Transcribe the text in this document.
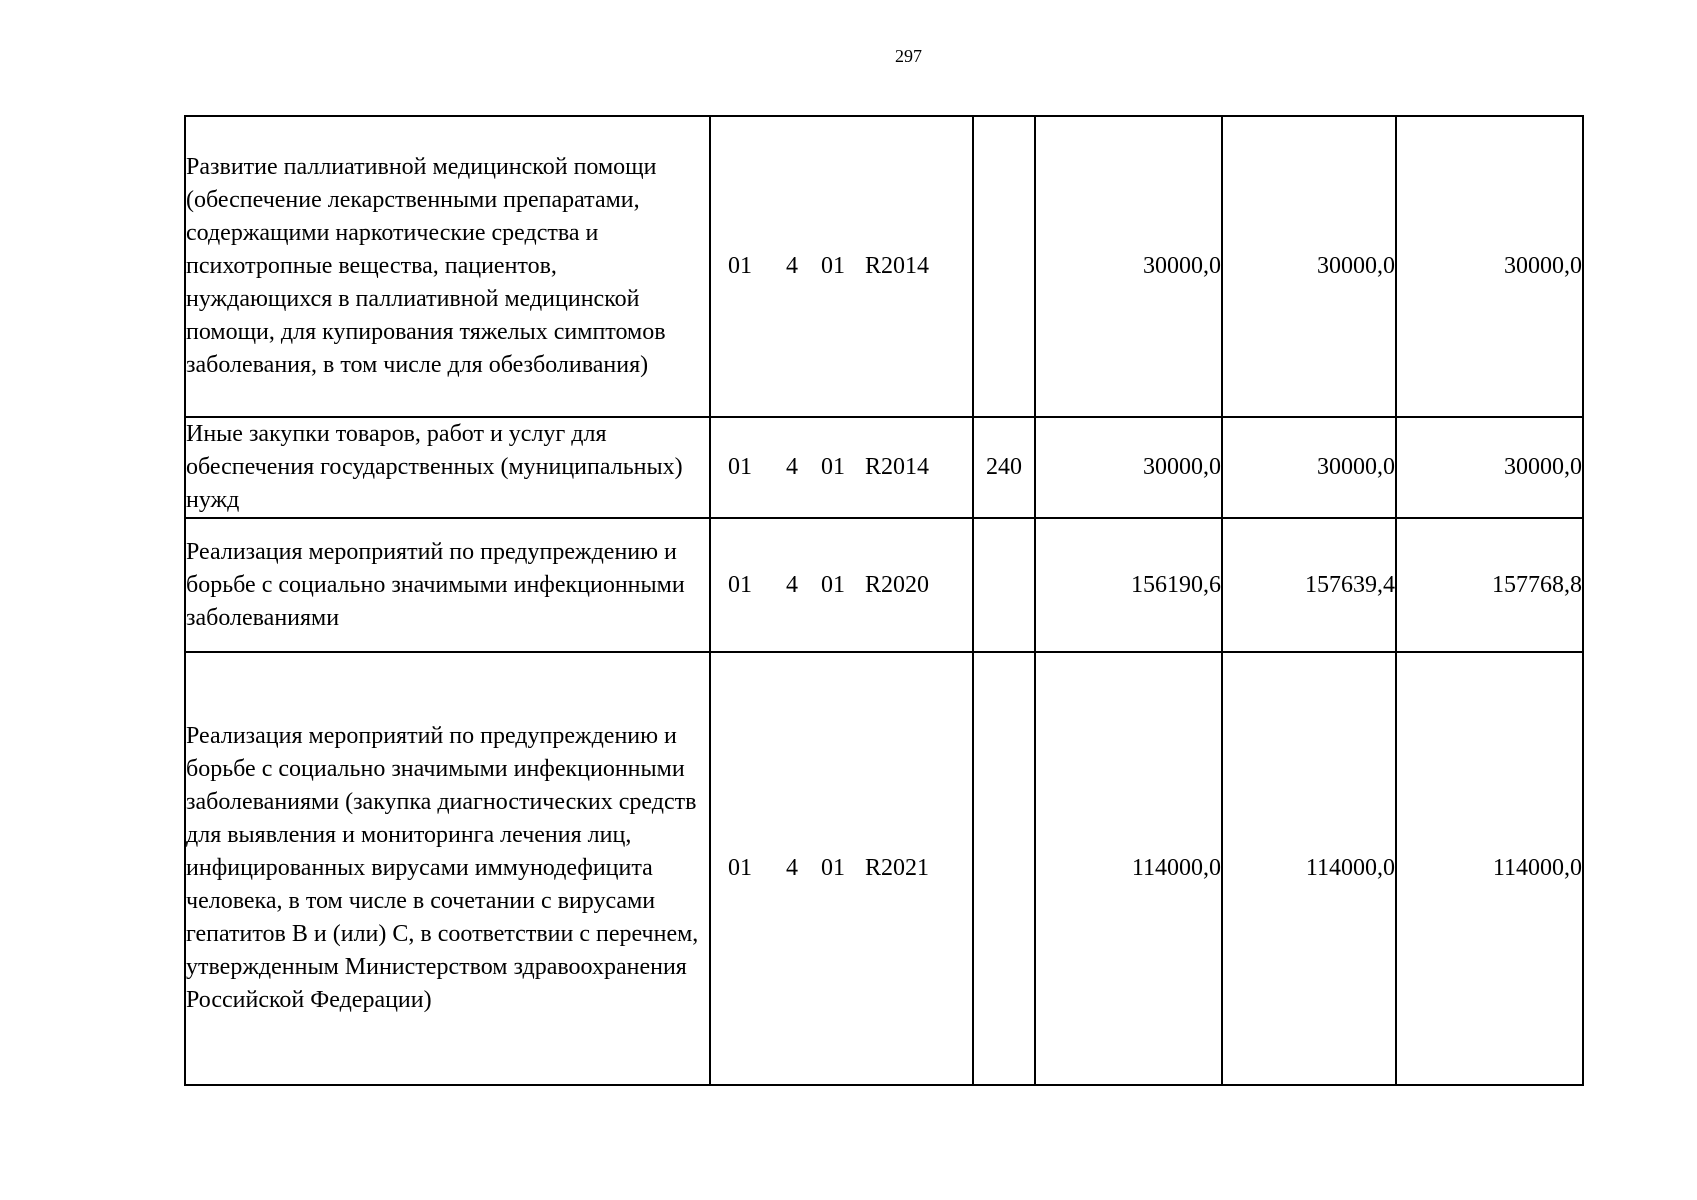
297
Развитие паллиативной медицинской помощи (обеспечение лекарственными препаратами, содержащими наркотические средства и психотропные вещества, пациентов, нуждающихся в паллиативной медицинской помощи, для купирования тяжелых симптомов заболевания, в том числе для обезболивания)	01 4 01 R2014		30000,0	30000,0	30000,0
Иные закупки товаров, работ и услуг для обеспечения государственных (муниципальных) нужд	01 4 01 R2014	240	30000,0	30000,0	30000,0
Реализация мероприятий по предупреждению и борьбе с социально значимыми инфекционными заболеваниями	01 4 01 R2020		156190,6	157639,4	157768,8
Реализация мероприятий по предупреждению и борьбе с социально значимыми инфекционными заболеваниями (закупка диагностических средств для выявления и мониторинга лечения лиц, инфицированных вирусами иммунодефицита человека, в том числе в сочетании с вирусами гепатитов B и (или) C, в соответствии с перечнем, утвержденным Министерством здравоохранения Российской Федерации)	01 4 01 R2021		114000,0	114000,0	114000,0
